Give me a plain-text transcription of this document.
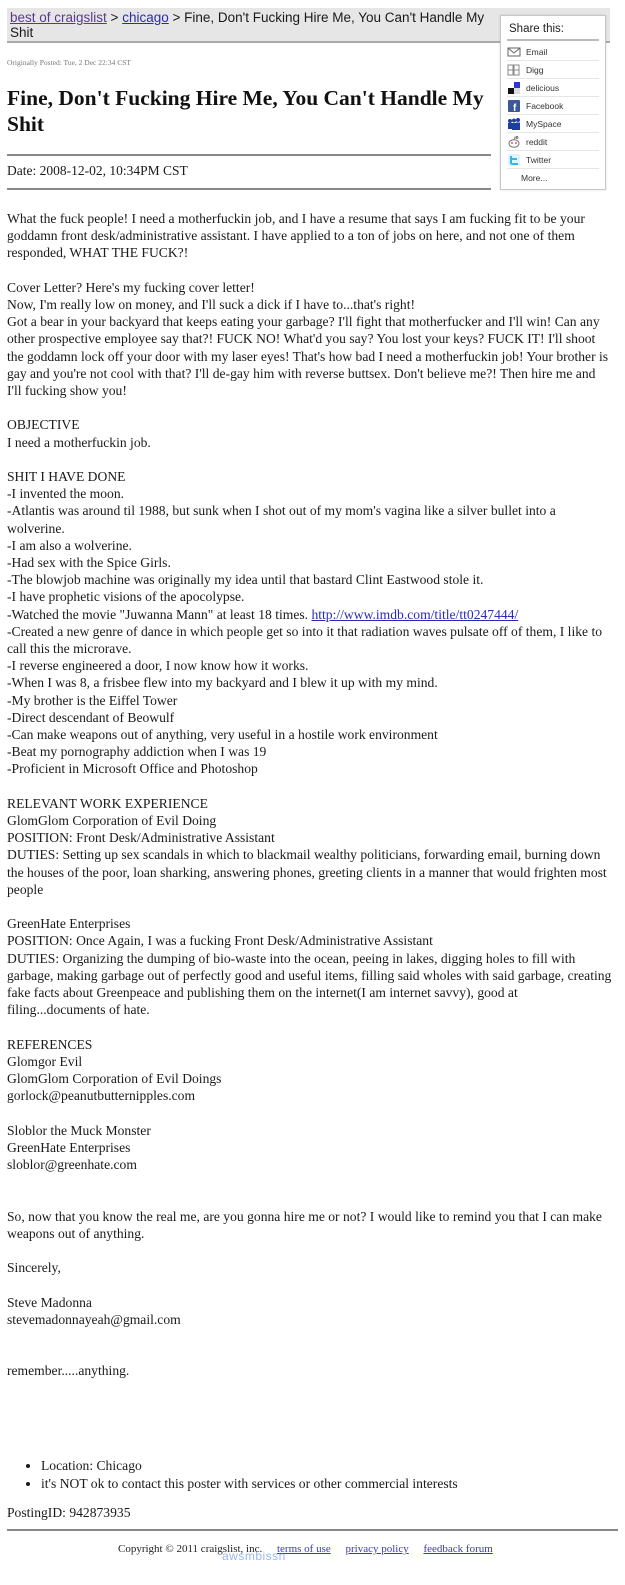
best of craigslist > chicago > Fine, Don't Fucking Hire Me, You Can't Handle My Shit	Share this:
Email
Digg
delicious
f Facebook
MySpace
reddit
Twitter
More...
Originally Posted: Tue, 2 Dec 22:34 CST
Fine, Don't Fucking Hire Me, You Can't Handle My Shit
Date: 2008-12-02, 10:34PM CST

What the fuck people! I need a motherfuckin job, and I have a resume that says I am fucking fit to be your goddamn front desk/administrative assistant. I have applied to a ton of jobs on here, and not one of them responded, WHAT THE FUCK?!

Cover Letter? Here's my fucking cover letter!

Now, I'm really low on money, and I'll suck a dick if I have to...that's right!

Got a bear in your backyard that keeps eating your garbage? I'll fight that motherfucker and I'll win! Can any other prospective employee say that?! FUCK NO! What'd you say? You lost your keys? FUCK IT! I'll shoot the goddamn lock off your door with my laser eyes! That's how bad I need a motherfuckin job! Your brother is gay and you're not cool with that? I'll de-gay him with reverse buttsex. Don't believe me?! Then hire me and I'll fucking show you!

OBJECTIVE

I need a motherfuckin job.

SHIT I HAVE DONE

-I invented the moon.

-Atlantis was around til 1988, but sunk when I shot out of my mom's vagina like a silver bullet into a wolverine.

-I am also a wolverine.

-Had sex with the Spice Girls.

-The blowjob machine was originally my idea until that bastard Clint Eastwood stole it.

-I have prophetic visions of the apocolypse.

-Watched the movie "Juwanna Mann" at least 18 times. http://www.imdb.com/title/tt0247444/

-Created a new genre of dance in which people get so into it that radiation waves pulsate off of them, I like to call this the microrave.

-I reverse engineered a door, I now know how it works.

-When I was 8, a frisbee flew into my backyard and I blew it up with my mind.

-My brother is the Eiffel Tower

-Direct descendant of Beowulf

-Can make weapons out of anything, very useful in a hostile work environment

-Beat my pornography addiction when I was 19

-Proficient in Microsoft Office and Photoshop

RELEVANT WORK EXPERIENCE

GlomGlom Corporation of Evil Doing

POSITION: Front Desk/Administrative Assistant

DUTIES: Setting up sex scandals in which to blackmail wealthy politicians, forwarding email, burning down the houses of the poor, loan sharking, answering phones, greeting clients in a manner that would frighten most people

GreenHate Enterprises

POSITION: Once Again, I was a fucking Front Desk/Administrative Assistant

DUTIES: Organizing the dumping of bio-waste into the ocean, peeing in lakes, digging holes to fill with garbage, making garbage out of perfectly good and useful items, filling said wholes with said garbage, creating fake facts about Greenpeace and publishing them on the internet(I am internet savvy), good at filing...documents of hate.

REFERENCES

Glomgor Evil

GlomGlom Corporation of Evil Doings

gorlock@peanutbutternipples.com

Sloblor the Muck Monster

GreenHate Enterprises

sloblor@greenhate.com

So, now that you know the real me, are you gonna hire me or not? I would like to remind you that I can make weapons out of anything.

Sincerely,

Steve Madonna

stevemadonnayeah@gmail.com

remember.....anything.

• Location: Chicago
• it's NOT ok to contact this poster with services or other commercial interests
PostingID: 942873935
Copyright © 2011 craigslist, inc. terms of use privacy policy feedback forum
awsmbissn
